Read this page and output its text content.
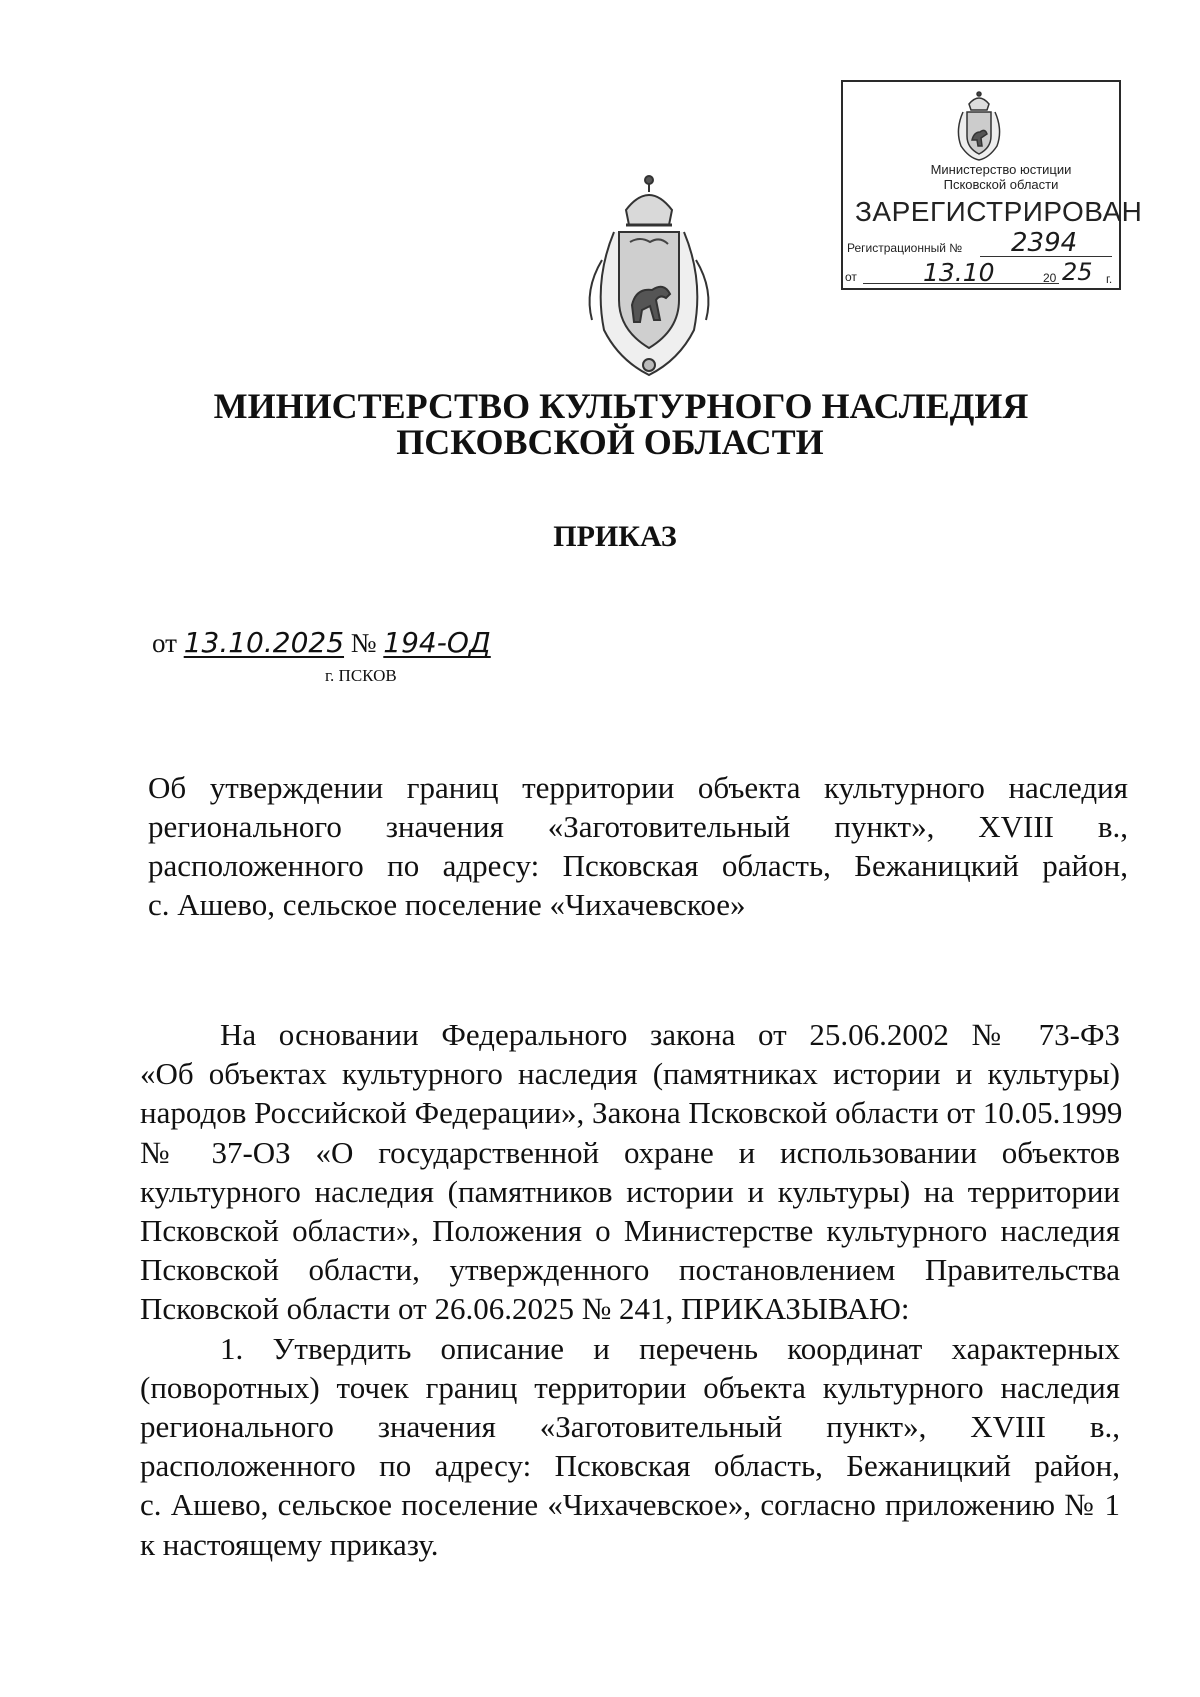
Министерство юстиции
Псковской области
ЗАРЕГИСТРИРОВАН
Регистрационный № 2394
от	13.10	20 25 г.
МИНИСТЕРСТВО КУЛЬТУРНОГО НАСЛЕДИЯ
ПСКОВСКОЙ ОБЛАСТИ
ПРИКАЗ
от 13.10.2025 № 194-ОД
г. ПСКОВ
Об утверждении границ территории объекта культурного наследия
регионального значения «Заготовительный пункт», XVIII в.,
расположенного по адресу: Псковская область, Бежаницкий район,
с. Ашево, сельское поселение «Чихачевское»
На основании Федерального закона от 25.06.2002 № 73-ФЗ
«Об объектах культурного наследия (памятниках истории и культуры)
народов Российской Федерации», Закона Псковской области от 10.05.1999
№ 37-ОЗ «О государственной охране и использовании объектов
культурного наследия (памятников истории и культуры) на территории
Псковской области», Положения о Министерстве культурного наследия
Псковской области, утвержденного постановлением Правительства
Псковской области от 26.06.2025 № 241, ПРИКАЗЫВАЮ:
1. Утвердить описание и перечень координат характерных
(поворотных) точек границ территории объекта культурного наследия
регионального значения «Заготовительный пункт», XVIII в.,
расположенного по адресу: Псковская область, Бежаницкий район,
с. Ашево, сельское поселение «Чихачевское», согласно приложению № 1
к настоящему приказу.
